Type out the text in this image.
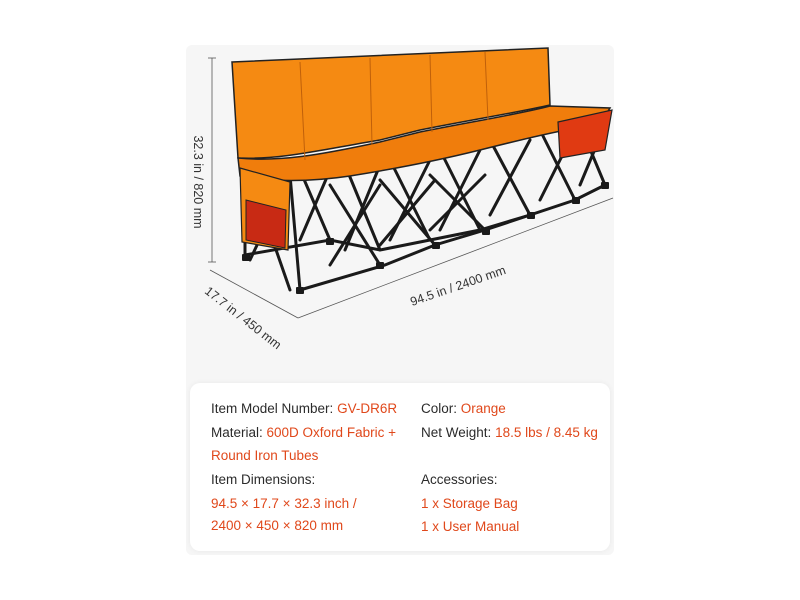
32.3 in / 820 mm
94.5 in / 2400 mm
17.7 in / 450 mm
Item Model Number: GV-DR6R
Material: 600D Oxford Fabric +
Round Iron Tubes
Item Dimensions:
94.5 × 17.7 × 32.3 inch /
2400 × 450 × 820 mm
Color: Orange
Net Weight: 18.5 lbs / 8.45 kg
Accessories:
1 x Storage Bag
1 x User Manual
